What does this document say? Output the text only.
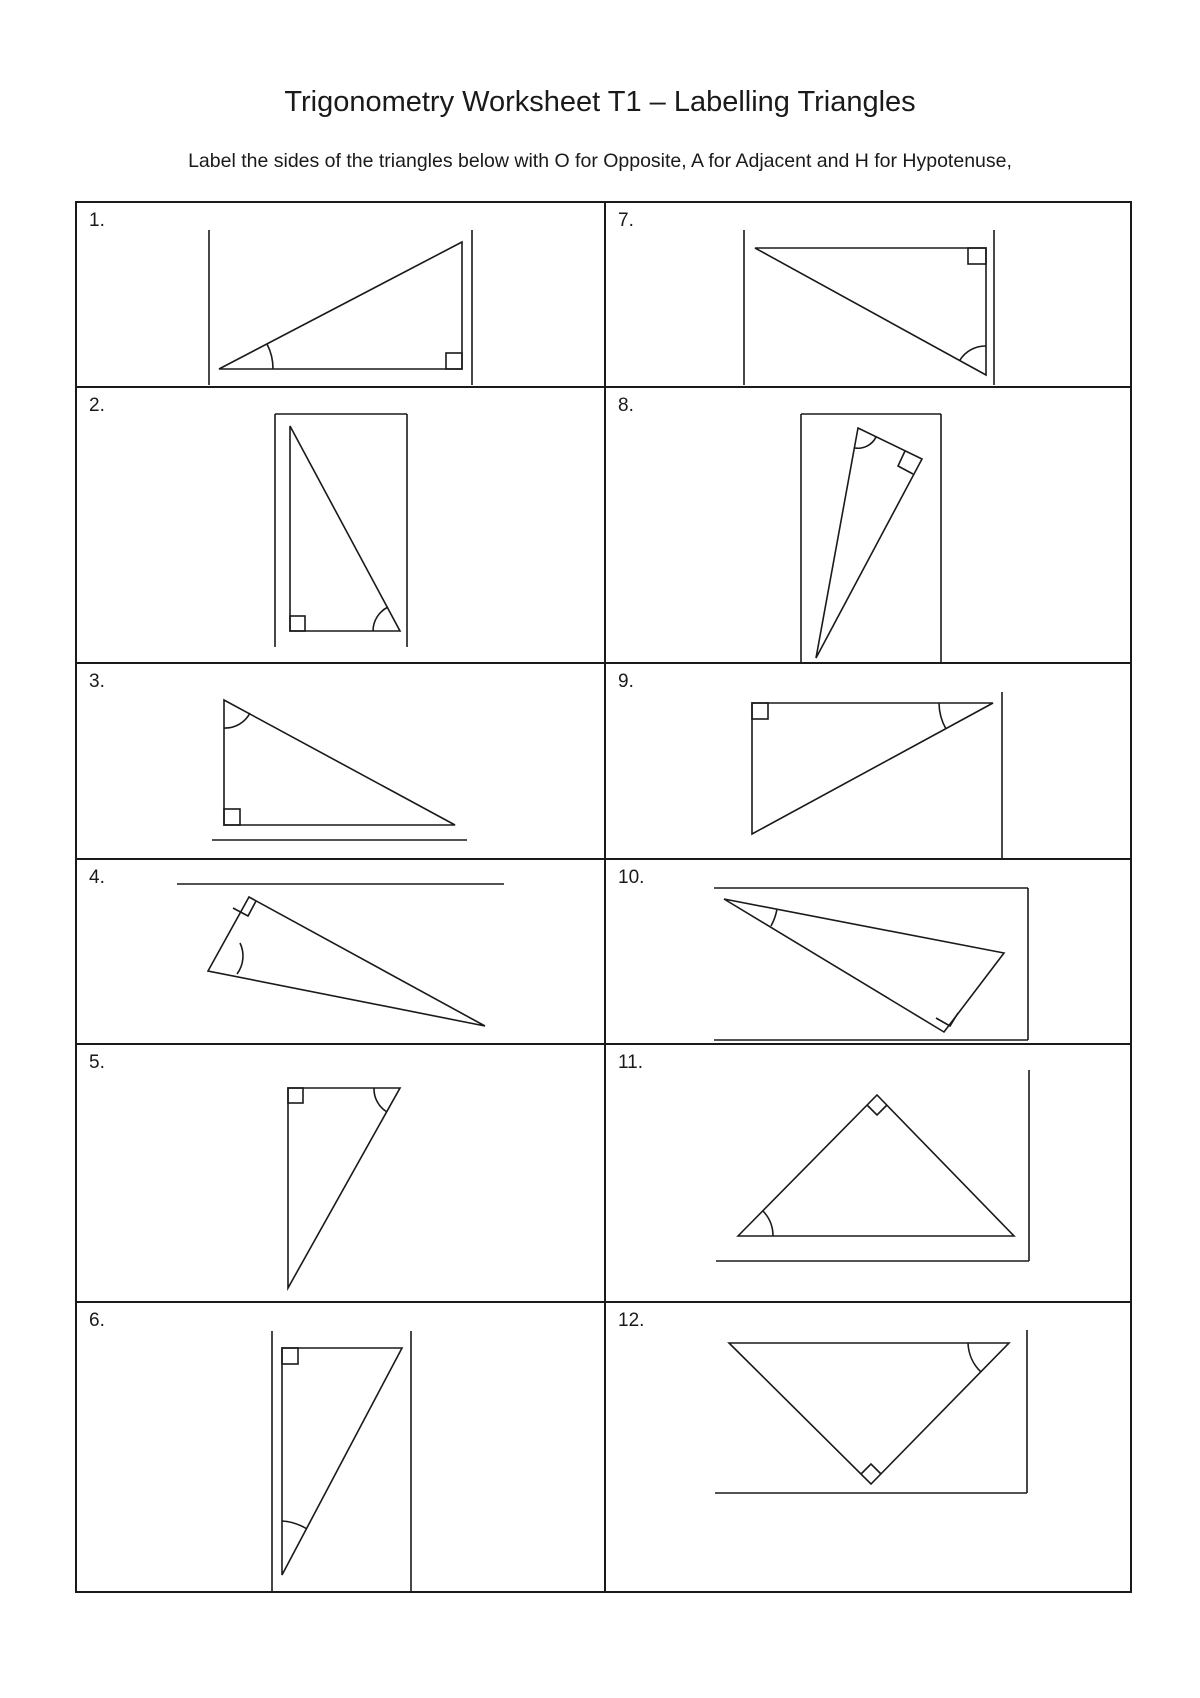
Trigonometry Worksheet T1 – Labelling Triangles

Label the sides of the triangles below with O for Opposite, A for Adjacent and H for Hypotenuse,

1.
2.
3.
4.
5.
6.
7.
8.
9.
10.
11.
12.
